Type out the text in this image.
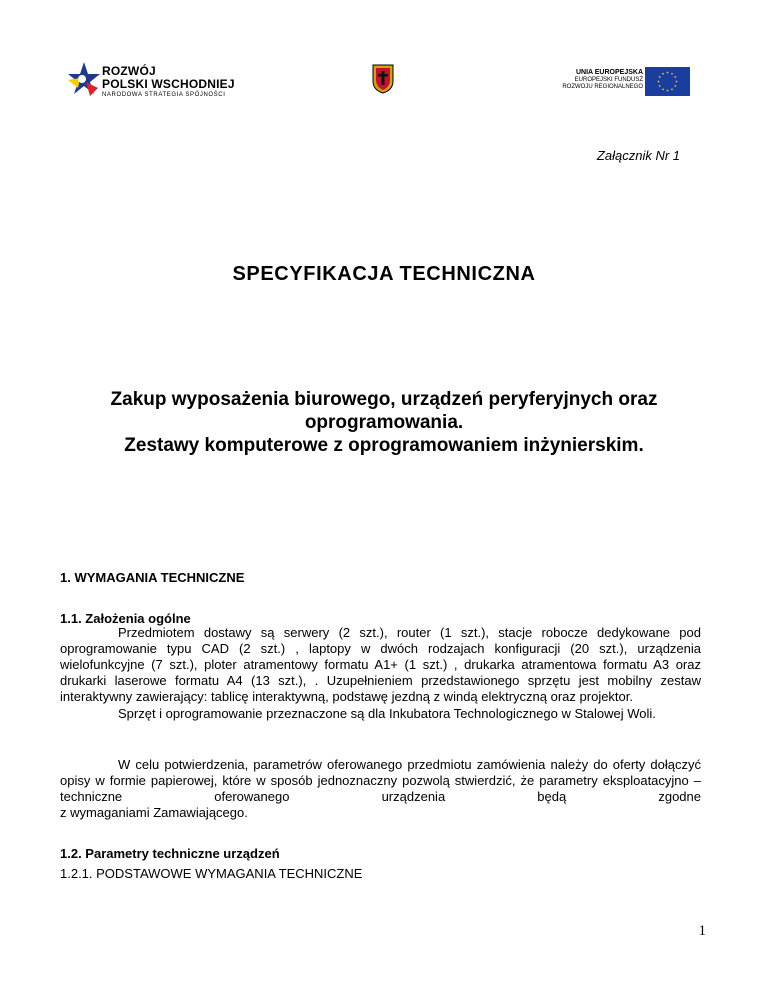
ROZWÓJ
POLSKI WSCHODNIEJ
NARODOWA STRATEGIA SPÓJNOŚCI
UNIA EUROPEJSKA
EUROPEJSKI FUNDUSZ
ROZWOJU REGIONALNEGO
Załącznik Nr 1
SPECYFIKACJA TECHNICZNA
Zakup wyposażenia biurowego, urządzeń peryferyjnych oraz
oprogramowania.
Zestawy komputerowe z oprogramowaniem inżynierskim.
1. WYMAGANIA TECHNICZNE
1.1. Założenia ogólne

Przedmiotem dostawy są serwery (2 szt.), router (1 szt.), stacje robocze dedykowane pod oprogramowanie typu CAD (2 szt.) , laptopy w dwóch rodzajach konfiguracji (20 szt.), urządzenia wielofunkcyjne (7 szt.), ploter atramentowy formatu A1+ (1 szt.) , drukarka atramentowa formatu A3 oraz drukarki laserowe formatu A4 (13 szt.), . Uzupełnieniem przedstawionego sprzętu jest mobilny zestaw interaktywny zawierający: tablicę interaktywną, podstawę jezdną z windą elektryczną oraz projektor.

Sprzęt i oprogramowanie przeznaczone są dla Inkubatora Technologicznego w Stalowej Woli.

W celu potwierdzenia, parametrów oferowanego przedmiotu zamówienia należy do oferty dołączyć opisy w formie papierowej, które w sposób jednoznaczny pozwolą stwierdzić, że parametry eksploatacyjno – techniczne oferowanego urządzenia będą zgodne

z wymaganiami Zamawiającego.

1.2. Parametry techniczne urządzeń
1.2.1. PODSTAWOWE WYMAGANIA TECHNICZNE
1
